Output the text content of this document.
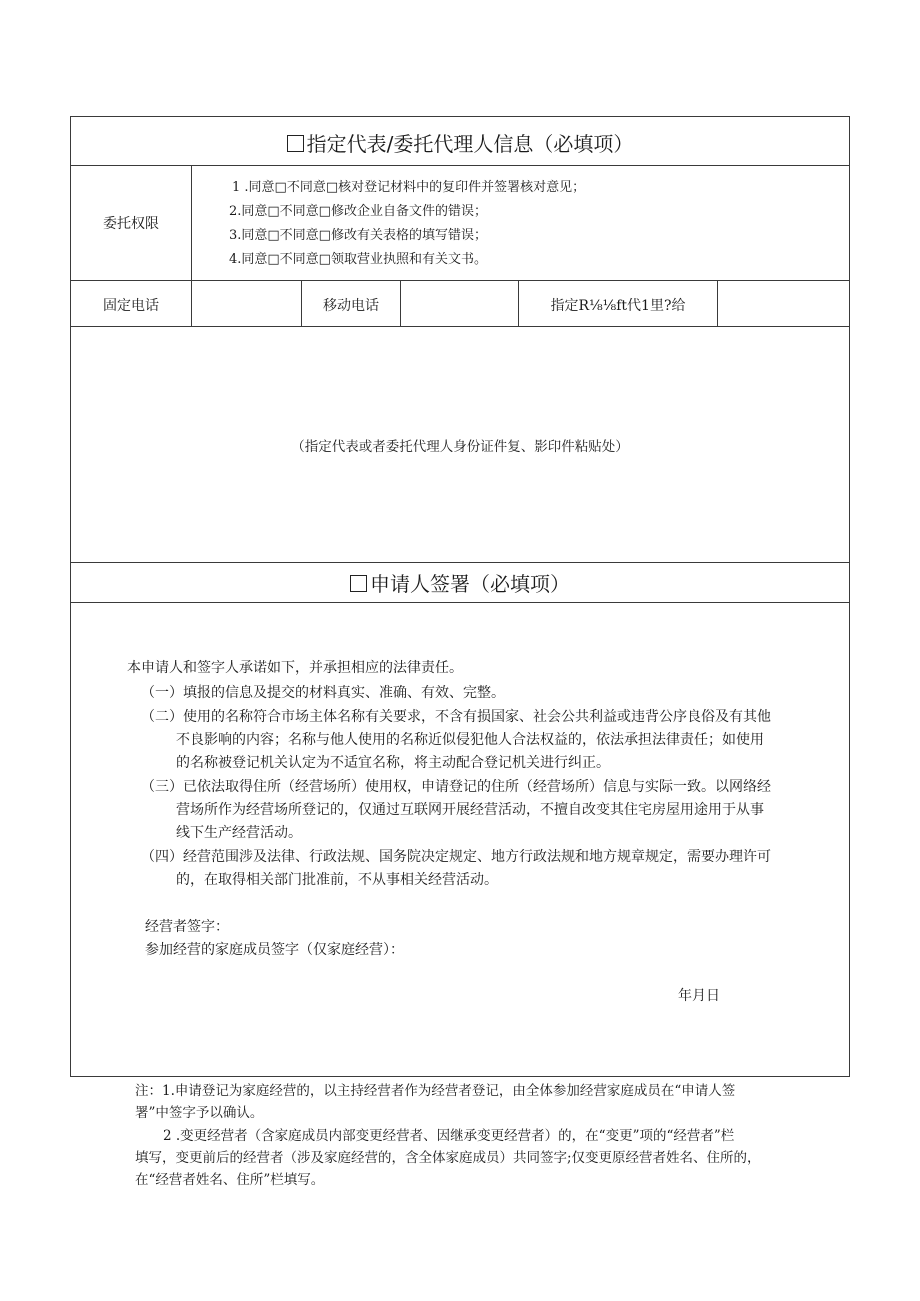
指定代表/委托代理人信息（必填项）
委托权限
1 .同意□不同意□核对登记材料中的复印件并签署核对意见；
2.同意□不同意□修改企业自备文件的错误；
3.同意□不同意□修改有关表格的填写错误；
4.同意□不同意□领取营业执照和有关文书。
固定电话	移动电话	指定R⅛⅛ft代1里?给
（指定代表或者委托代理人身份证件复、影印件粘贴处）
申请人签署（必填项）
本申请人和签字人承诺如下，并承担相应的法律责任。
（一）填报的信息及提交的材料真实、准确、有效、完整。
（二）使用的名称符合市场主体名称有关要求，不含有损国家、社会公共利益或违背公序良俗及有其他
不良影响的内容；名称与他人使用的名称近似侵犯他人合法权益的，依法承担法律责任；如使用
的名称被登记机关认定为不适宜名称，将主动配合登记机关进行纠正。
（三）已依法取得住所（经营场所）使用权，申请登记的住所（经营场所）信息与实际一致。以网络经
营场所作为经营场所登记的，仅通过互联网开展经营活动，不擅自改变其住宅房屋用途用于从事
线下生产经营活动。
（四）经营范围涉及法律、行政法规、国务院决定规定、地方行政法规和地方规章规定，需要办理许可
的，在取得相关部门批准前，不从事相关经营活动。
经营者签字：
参加经营的家庭成员签字（仅家庭经营）：
年月日
注：1.申请登记为家庭经营的，以主持经营者作为经营者登记，由全体参加经营家庭成员在“申请人签
署”中签字予以确认。
2 .变更经营者（含家庭成员内部变更经营者、因继承变更经营者）的，在“变更”项的“经营者”栏
填写，变更前后的经营者（涉及家庭经营的，含全体家庭成员）共同签字;仅变更原经营者姓名、住所的，
在“经营者姓名、住所”栏填写。
